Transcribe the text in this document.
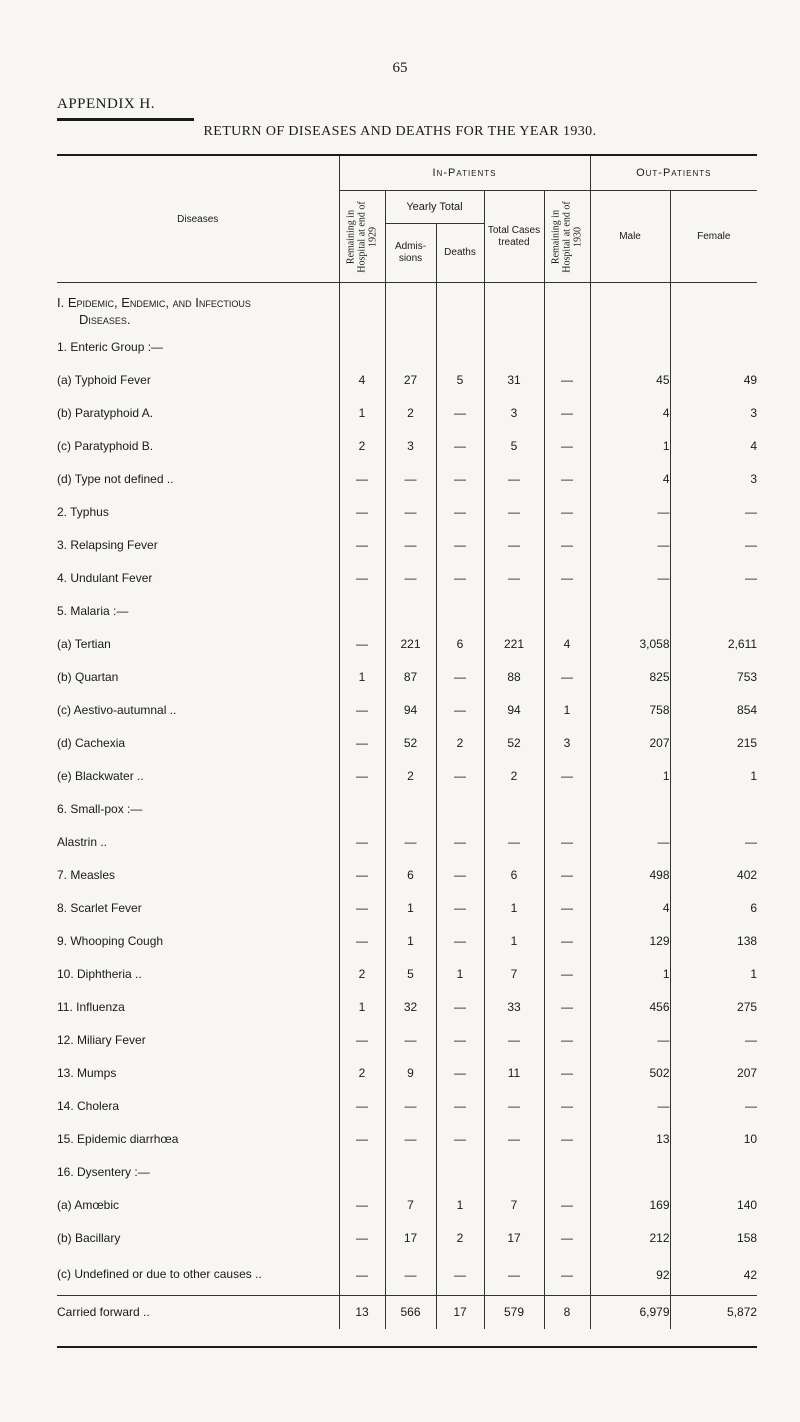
65
APPENDIX H.
RETURN OF DISEASES AND DEATHS FOR THE YEAR 1930.
Diseases	In-Patients					Out-Patients	

	Remaining in Hospital at end of 1929	Yearly Total		Total Cases treated	Remaining in Hospital at end of 1930	Male	Female
		Admis-sions	Deaths				

I. Epidemic, Endemic, and Infectious
Diseases.							
1. Enteric Group :—							
(a) Typhoid Fever	4	27	5	31	—	45	49
(b) Paratyphoid A.	1	2	—	3	—	4	3
(c) Paratyphoid B.	2	3	—	5	—	1	4
(d) Type not defined ..	—	—	—	—	—	4	3
2. Typhus	—	—	—	—	—	—	—
3. Relapsing Fever	—	—	—	—	—	—	—
4. Undulant Fever	—	—	—	—	—	—	—
5. Malaria :—							
(a) Tertian	—	221	6	221	4	3,058	2,611
(b) Quartan	1	87	—	88	—	825	753
(c) Aestivo-autumnal ..	—	94	—	94	1	758	854
(d) Cachexia	—	52	2	52	3	207	215
(e) Blackwater ..	—	2	—	2	—	1	1
6. Small-pox :—							
Alastrin ..	—	—	—	—	—	—	—
7. Measles	—	6	—	6	—	498	402
8. Scarlet Fever	—	1	—	1	—	4	6
9. Whooping Cough	—	1	—	1	—	129	138
10. Diphtheria ..	2	5	1	7	—	1	1
11. Influenza	1	32	—	33	—	456	275
12. Miliary Fever	—	—	—	—	—	—	—
13. Mumps	2	9	—	11	—	502	207
14. Cholera	—	—	—	—	—	—	—
15. Epidemic diarrhœa	—	—	—	—	—	13	10
16. Dysentery :—							
(a) Amœbic	—	7	1	7	—	169	140
(b) Bacillary	—	17	2	17	—	212	158
(c) Undefined or due to other causes ..	—	—	—	—	—	92	42
Carried forward ..	13	566	17	579	8	6,979	5,872
